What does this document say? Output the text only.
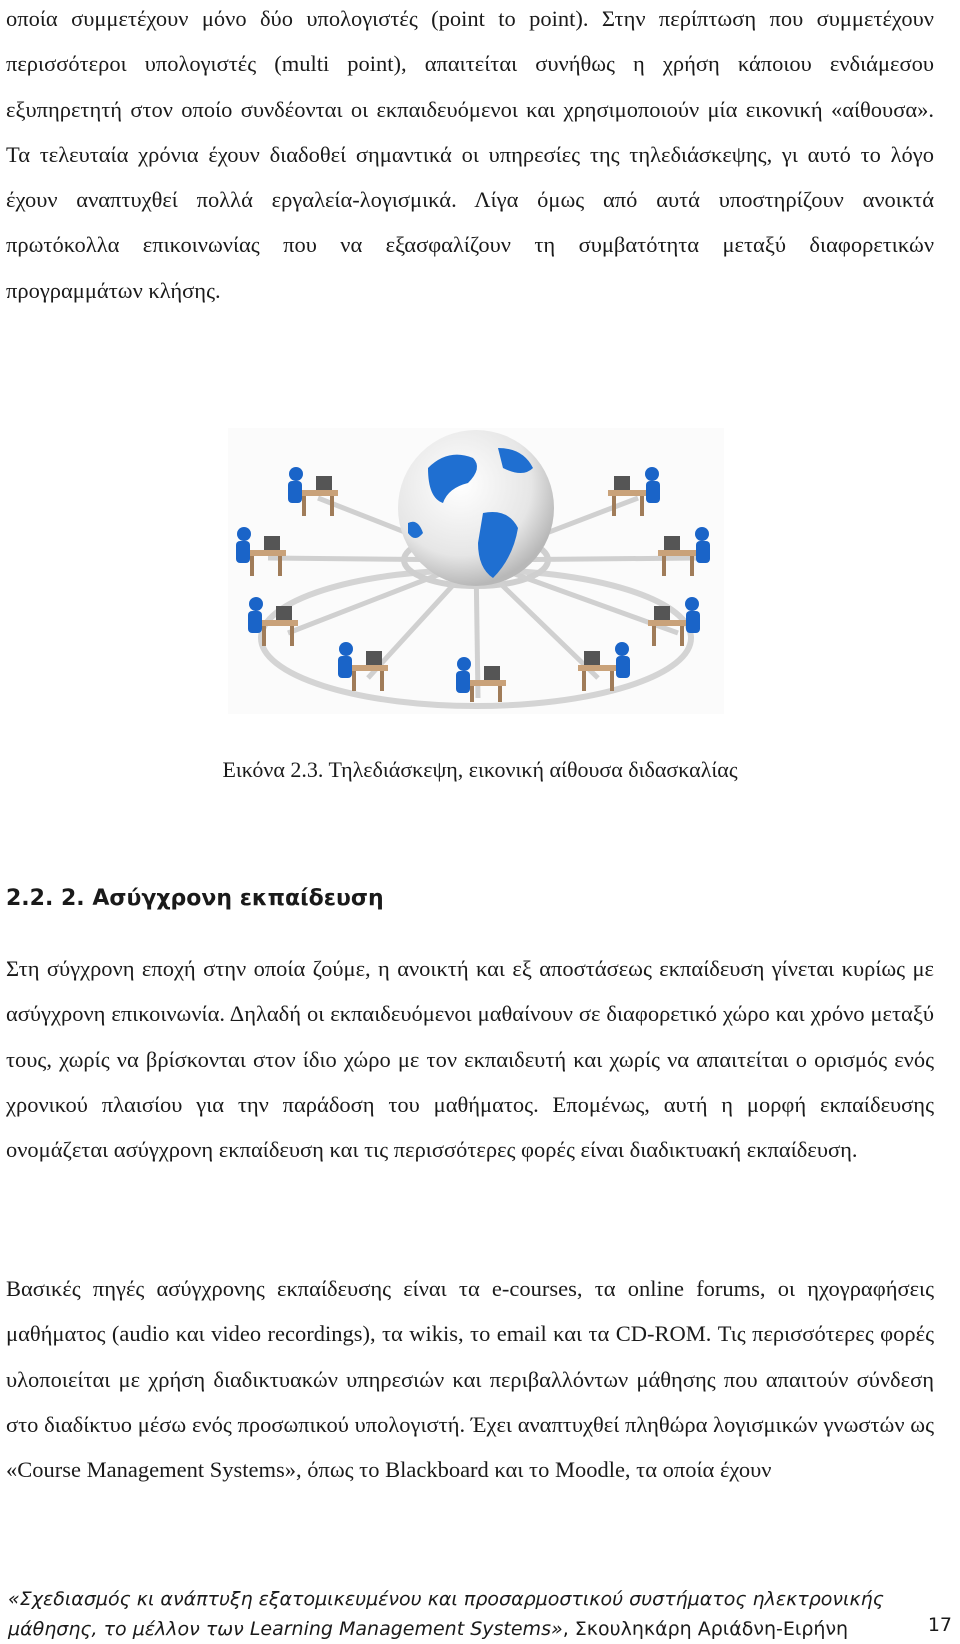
οποία συμμετέχουν μόνο δύο υπολογιστές (point to point). Στην περίπτωση που συμμετέχουν περισσότεροι υπολογιστές (multi point), απαιτείται συνήθως η χρήση κάποιου ενδιάμεσου εξυπηρετητή στον οποίο συνδέονται οι εκπαιδευόμενοι και χρησιμοποιούν μία εικονική «αίθουσα». Τα τελευταία χρόνια έχουν διαδοθεί σημαντικά οι υπηρεσίες της τηλεδιάσκεψης, γι αυτό το λόγο έχουν αναπτυχθεί πολλά εργαλεία-λογισμικά. Λίγα όμως από αυτά υποστηρίζουν ανοικτά πρωτόκολλα επικοινωνίας που να εξασφαλίζουν τη συμβατότητα μεταξύ διαφορετικών προγραμμάτων κλήσης.

Εικόνα 2.3. Τηλεδιάσκεψη, εικονική αίθουσα διδασκαλίας
2.2. 2. Ασύγχρονη εκπαίδευση

Στη σύγχρονη εποχή στην οποία ζούμε, η ανοικτή και εξ αποστάσεως εκπαίδευση γίνεται κυρίως με ασύγχρονη επικοινωνία. Δηλαδή οι εκπαιδευόμενοι μαθαίνουν σε διαφορετικό χώρο και χρόνο μεταξύ τους, χωρίς να βρίσκονται στον ίδιο χώρο με τον εκπαιδευτή και χωρίς να απαιτείται ο ορισμός ενός χρονικού πλαισίου για την παράδοση του μαθήματος. Επομένως, αυτή η μορφή εκπαίδευσης ονομάζεται ασύγχρονη εκπαίδευση και τις περισσότερες φορές είναι διαδικτυακή εκπαίδευση.

Βασικές πηγές ασύγχρονης εκπαίδευσης είναι τα e-courses, τα online forums, οι ηχογραφήσεις μαθήματος (audio και video recordings), τα wikis, το email και τα CD-ROM. Τις περισσότερες φορές υλοποιείται με χρήση διαδικτυακών υπηρεσιών και περιβαλλόντων μάθησης που απαιτούν σύνδεση στο διαδίκτυο μέσω ενός προσωπικού υπολογιστή. Έχει αναπτυχθεί πληθώρα λογισμικών γνωστών ως «Course Management Systems», όπως το Blackboard και το Moodle, τα οποία έχουν

«Σχεδιασμός κι ανάπτυξη εξατομικευμένου και προσαρμοστικού συστήματος ηλεκτρονικής
μάθησης, το μέλλον των Learning Management Systems», Σκουληκάρη Αριάδνη-Ειρήνη	17
